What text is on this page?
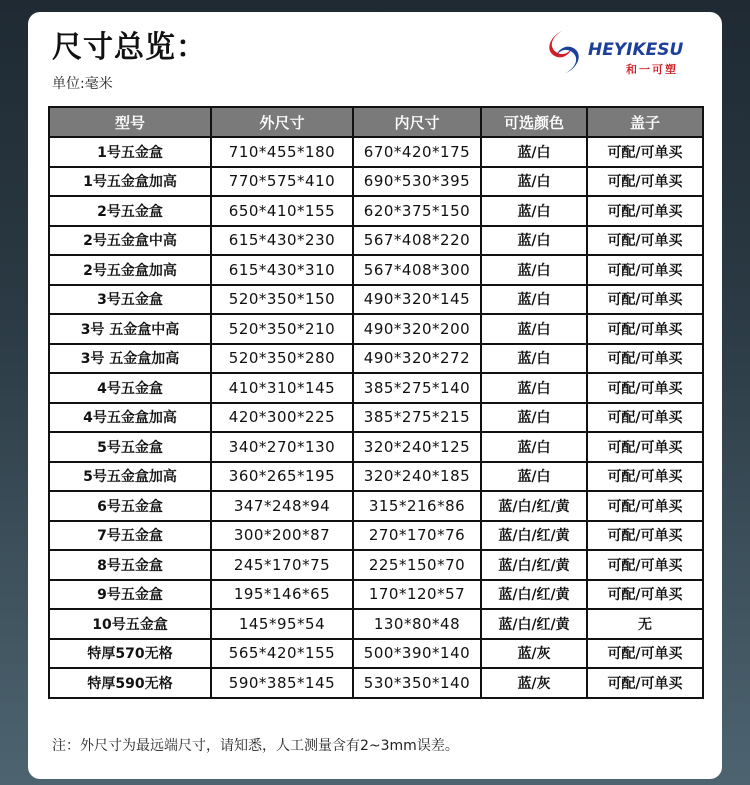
尺寸总览：
单位:毫米
HEYIKESU
和一可塑
型号	外尺寸	内尺寸	可选颜色	盖子
1号五金盒	710*455*180	670*420*175	蓝/白	可配/可单买
1号五金盒加高	770*575*410	690*530*395	蓝/白	可配/可单买
2号五金盒	650*410*155	620*375*150	蓝/白	可配/可单买
2号五金盒中高	615*430*230	567*408*220	蓝/白	可配/可单买
2号五金盒加高	615*430*310	567*408*300	蓝/白	可配/可单买
3号五金盒	520*350*150	490*320*145	蓝/白	可配/可单买
3号 五金盒中高	520*350*210	490*320*200	蓝/白	可配/可单买
3号 五金盒加高	520*350*280	490*320*272	蓝/白	可配/可单买
4号五金盒	410*310*145	385*275*140	蓝/白	可配/可单买
4号五金盒加高	420*300*225	385*275*215	蓝/白	可配/可单买
5号五金盒	340*270*130	320*240*125	蓝/白	可配/可单买
5号五金盒加高	360*265*195	320*240*185	蓝/白	可配/可单买
6号五金盒	347*248*94	315*216*86	蓝/白/红/黄	可配/可单买
7号五金盒	300*200*87	270*170*76	蓝/白/红/黄	可配/可单买
8号五金盒	245*170*75	225*150*70	蓝/白/红/黄	可配/可单买
9号五金盒	195*146*65	170*120*57	蓝/白/红/黄	可配/可单买
10号五金盒	145*95*54	130*80*48	蓝/白/红/黄	无
特厚570无格	565*420*155	500*390*140	蓝/灰	可配/可单买
特厚590无格	590*385*145	530*350*140	蓝/灰	可配/可单买
注：外尺寸为最远端尺寸，请知悉，人工测量含有2~3mm误差。
